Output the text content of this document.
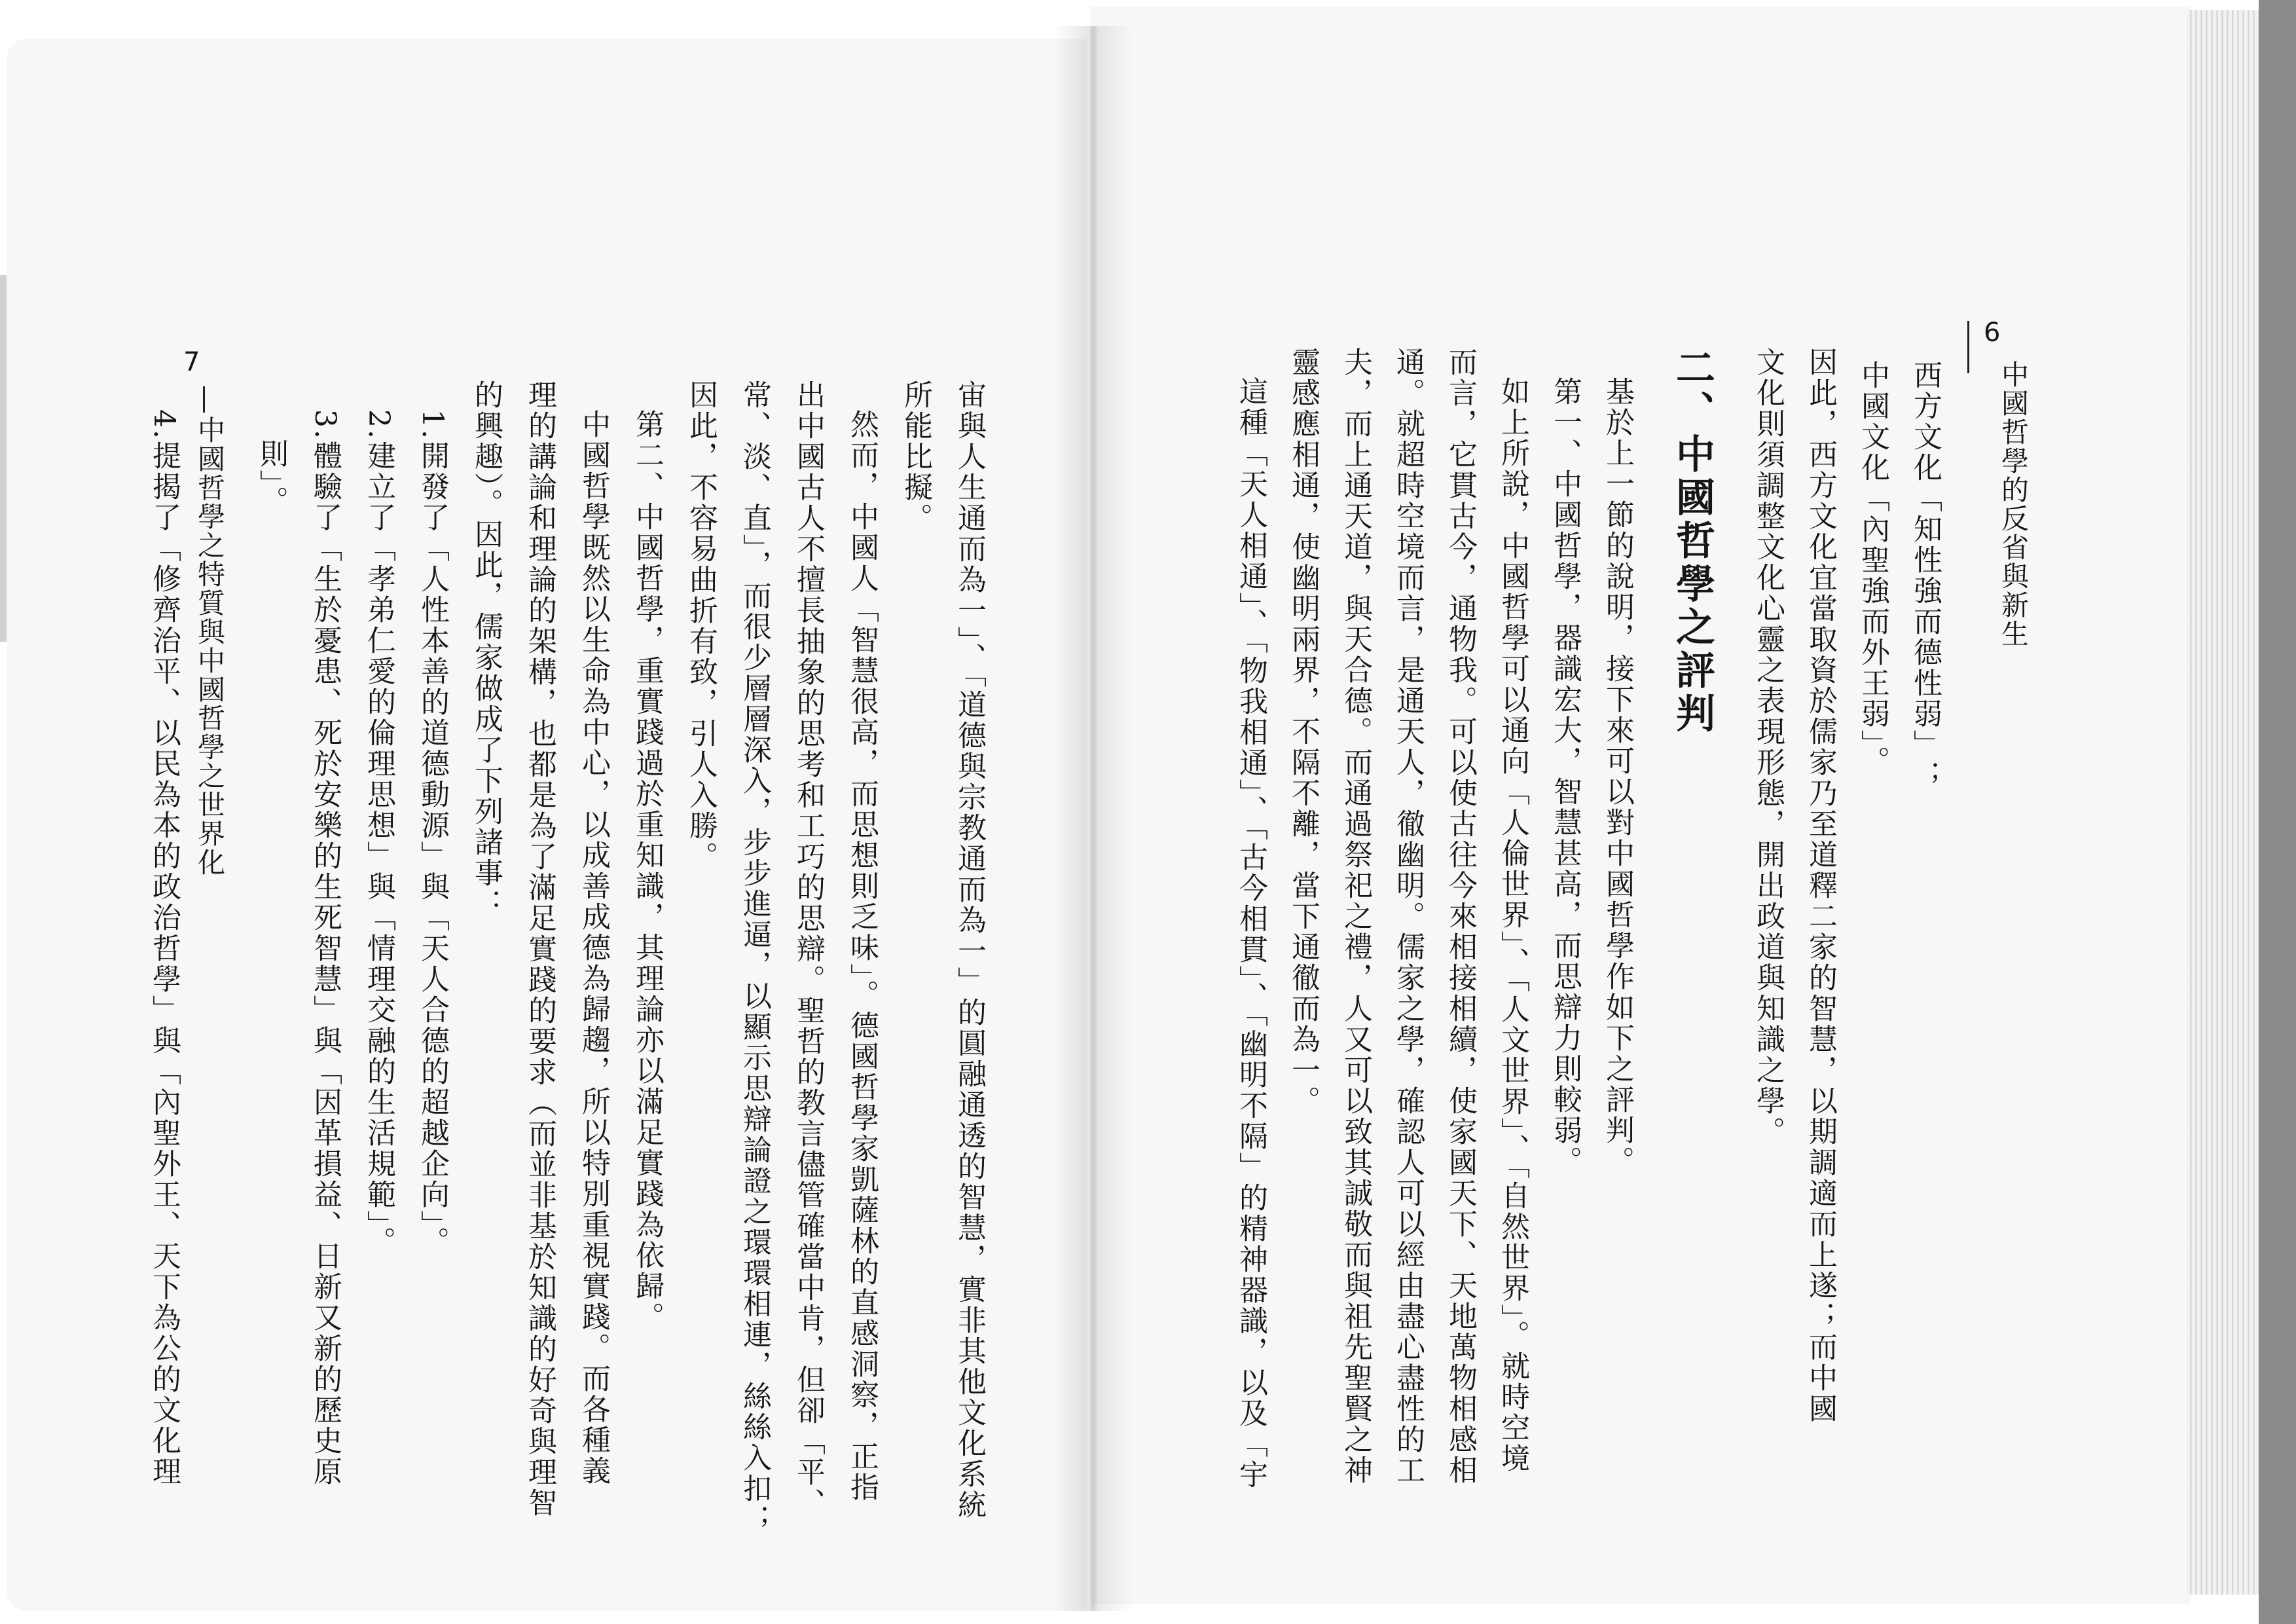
7
中國哲學之特質與中國哲學之世界化	宙與人生通而為一」、「道德與宗教通而為一」的圓融通透的智慧，實非其他文化系統
所能比擬。
然而，中國人「智慧很高，而思想則乏味」。德國哲學家凱薩林的直感洞察，正指
出中國古人不擅長抽象的思考和工巧的思辯。聖哲的教言儘管確當中肯，但卻「平、
常、淡、直」，而很少層層深入，步步進逼，以顯示思辯論證之環環相連，絲絲入扣；
因此，不容易曲折有致，引人入勝。
第二、中國哲學，重實踐過於重知識，其理論亦以滿足實踐為依歸。
中國哲學既然以生命為中心，以成善成德為歸趨，所以特別重視實踐。而各種義
理的講論和理論的架構，也都是為了滿足實踐的要求（而並非基於知識的好奇與理智
的興趣）。因此，儒家做成了下列諸事：
1.開發了「人性本善的道德動源」與「天人合德的超越企向」。
2.建立了「孝弟仁愛的倫理思想」與「情理交融的生活規範」。
3.體驗了「生於憂患、死於安樂的生死智慧」與「因革損益、日新又新的歷史原
則」。
4.提揭了「修齊治平、以民為本的政治哲學」與「內聖外王、天下為公的文化理
6
中國哲學的反省與新生
西方文化「知性強而德性弱」；
中國文化「內聖強而外王弱」。
因此，西方文化宜當取資於儒家乃至道釋二家的智慧，以期調適而上遂；而中國
文化則須調整文化心靈之表現形態，開出政道與知識之學。
二、中國哲學之評判
基於上一節的說明，接下來可以對中國哲學作如下之評判。
第一、中國哲學，器識宏大，智慧甚高，而思辯力則較弱。
如上所說，中國哲學可以通向「人倫世界」、「人文世界」、「自然世界」。就時空境
而言，它貫古今，通物我。可以使古往今來相接相續，使家國天下、天地萬物相感相
通。就超時空境而言，是通天人，徹幽明。儒家之學，確認人可以經由盡心盡性的工
夫，而上通天道，與天合德。而通過祭祀之禮，人又可以致其誠敬而與祖先聖賢之神
靈感應相通，使幽明兩界，不隔不離，當下通徹而為一。
這種「天人相通」、「物我相通」、「古今相貫」、「幽明不隔」的精神器識，以及「宇
